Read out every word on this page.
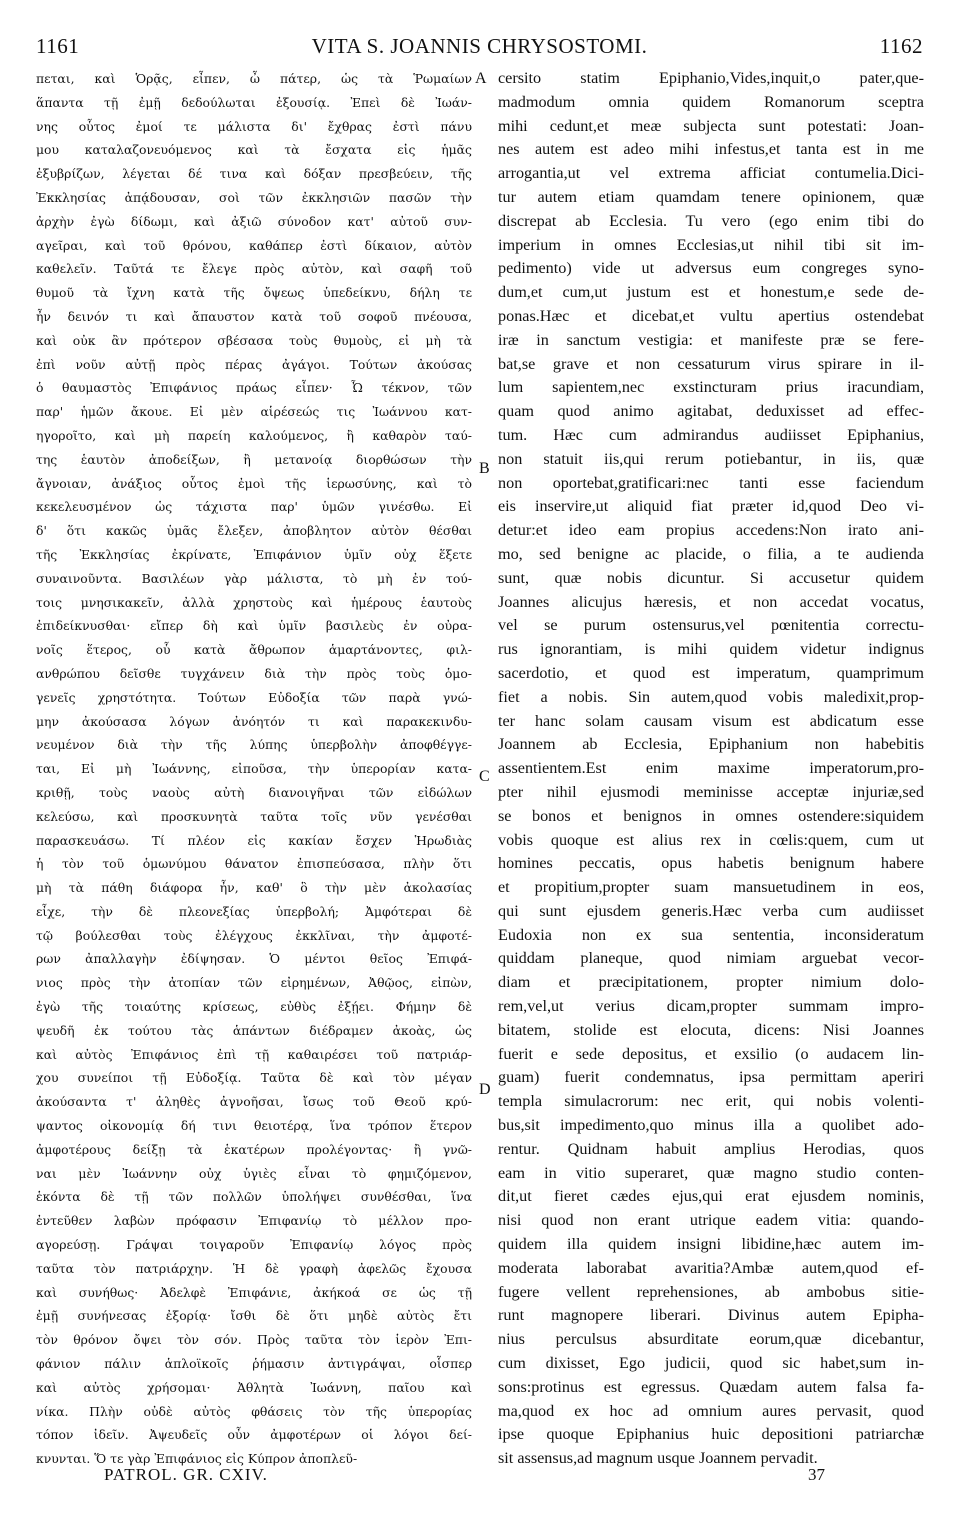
1161	VITA S. JOANNIS CHRYSOSTOMI.	1162
πεται, καὶ Ὁρᾷς, εἶπεν, ὦ πάτερ, ὡς τὰ Ῥωμαίων
ἅπαντα τῇ ἐμῇ δεδούλωται ἐξουσίᾳ. Ἐπεὶ δὲ Ἰωάν-
νης οὗτος ἐμοί τε μάλιστα δι' ἔχθρας ἐστὶ πάνυ
μου καταλαζονευόμενος καὶ τὰ ἔσχατα εἰς ἡμᾶς
ἐξυβρίζων, λέγεται δέ τινα καὶ δόξαν πρεσβεύειν, τῆς
Ἐκκλησίας ἀπᾴδουσαν, σοὶ τῶν ἐκκλησιῶν πασῶν τὴν
ἀρχὴν ἐγὼ δίδωμι, καὶ ἀξιῶ σύνοδον κατ' αὐτοῦ συν-
αγεῖραι, καὶ τοῦ θρόνου, καθάπερ ἐστὶ δίκαιον, αὐτὸν
καθελεῖν. Ταῦτά τε ἔλεγε πρὸς αὐτὸν, καὶ σαφῆ τοῦ
θυμοῦ τὰ ἴχνη κατὰ τῆς ὄψεως ὑπεδείκνυ, δήλη τε
ἦν δεινόν τι καὶ ἄπαυστον κατὰ τοῦ σοφοῦ πνέουσα,
καὶ οὐκ ἂν πρότερον σβέσασα τοὺς θυμοὺς, εἰ μὴ τὰ
ἐπὶ νοῦν αὐτῇ πρὸς πέρας ἀγάγοι. Τούτων ἀκούσας
ὁ θαυμαστὸς Ἐπιφάνιος πράως εἶπεν· Ὦ τέκνον, τῶν
παρ' ἡμῶν ἄκουε. Εἰ μὲν αἱρέσεώς τις Ἰωάννου κατ-
ηγοροῖτο, καὶ μὴ παρείη καλούμενος, ἢ καθαρὸν ταύ-
της ἑαυτὸν ἀποδείξων, ἢ μετανοίᾳ διορθώσων τὴν
ἄγνοιαν, ἀνάξιος οὗτος ἐμοὶ τῆς ἱερωσύνης, καὶ τὸ
κεκελευσμένον ὡς τάχιστα παρ' ὑμῶν γινέσθω. Εἰ
δ' ὅτι κακῶς ὑμᾶς ἔλεξεν, ἀποβλητον αὐτὸν θέσθαι
τῆς Ἐκκλησίας ἐκρίνατε, Ἐπιφάνιον ὑμῖν οὐχ ἕξετε
συναινοῦντα. Βασιλέων γὰρ μάλιστα, τὸ μὴ ἐν τού-
τοις μνησικακεῖν, ἀλλὰ χρηστοὺς καὶ ἡμέρους ἑαυτοὺς
ἐπιδείκνυσθαι· εἴπερ δὴ καὶ ὑμῖν βασιλεὺς ἐν οὐρα-
νοῖς ἕτερος, οὗ κατὰ ἄθρωπον ἁμαρτάνοντες, φιλ-
ανθρώπου δεῖσθε τυγχάνειν διὰ τὴν πρὸς τοὺς ὁμο-
γενεῖς χρηστότητα. Τούτων Εὐδοξία τῶν παρὰ γνώ-
μην ἀκούσασα λόγων ἀνόητόν τι καὶ παρακεκινδυ-
νευμένον διὰ τὴν τῆς λύπης ὑπερβολὴν ἀποφθέγγε-
ται, Εἰ μὴ Ἰωάννης, εἰποῦσα, τὴν ὑπερορίαν κατα-
κριθῇ, τοὺς ναοὺς αὐτὴ διανοιγῆναι τῶν εἰδώλων
κελεύσω, καὶ προσκυνητὰ ταῦτα τοῖς νῦν γενέσθαι
παρασκευάσω. Τί πλέον εἰς κακίαν ἔσχεν Ἡρωδιὰς
ἡ τὸν τοῦ ὁμωνύμου θάνατον ἐπισπεύσασα, πλὴν ὅτι
μὴ τὰ πάθη διάφορα ἦν, καθ' ὃ τὴν μὲν ἀκολασίας
εἶχε, τὴν δὲ πλεονεξίας ὑπερβολή; Ἀμφότεραι δὲ
τῷ βούλεσθαι τοὺς ἐλέγχους ἐκκλῖναι, τὴν ἀμφοτέ-
ρων ἀπαλλαγὴν ἐδίψησαν. Ὁ μέντοι θεῖος Ἐπιφά-
νιος πρὸς τὴν ἀτοπίαν τῶν εἰρημένων, Ἀθῷος, εἰπὼν,
ἐγὼ τῆς τοιαύτης κρίσεως, εὐθὺς ἐξῄει. Φήμην δὲ
ψευδῆ ἐκ τούτου τὰς ἁπάντων διέδραμεν ἀκοὰς, ὡς
καὶ αὐτὸς Ἐπιφάνιος ἐπὶ τῇ καθαιρέσει τοῦ πατριάρ-
χου συνείποι τῇ Εὐδοξίᾳ. Ταῦτα δὲ καὶ τὸν μέγαν
ἀκούσαντα τ' ἀληθὲς ἀγνοῆσαι, ἴσως τοῦ Θεοῦ κρύ-
ψαντος οἰκονομίᾳ δή τινι θειοτέρᾳ, ἵνα τρόπον ἕτερον
ἀμφοτέρους δείξῃ τὰ ἑκατέρων προλέγοντας· ἢ γνῶ-
ναι μὲν Ἰωάννην οὐχ ὑγιὲς εἶναι τὸ φημιζόμενον,
ἑκόντα δὲ τῇ τῶν πολλῶν ὑπολήψει συνθέσθαι, ἵνα
ἐντεῦθεν λαβὼν πρόφασιν Ἐπιφανίῳ τὸ μέλλον προ-
αγορεύσῃ. Γράψαι τοιγαροῦν Ἐπιφανίῳ λόγος πρὸς
ταῦτα τὸν πατριάρχην. Ἡ δὲ γραφὴ ἀφελῶς ἔχουσα
καὶ συνήθως· Ἀδελφὲ Ἐπιφάνιε, ἀκήκοά σε ὡς τῇ
ἐμῇ συνήνεσας ἐξορίᾳ· ἴσθι δὲ ὅτι μηδὲ αὐτὸς ἔτι
τὸν θρόνον ὄψει τὸν σόν. Πρὸς ταῦτα τὸν ἱερὸν Ἐπι-
φάνιον πάλιν ἁπλοϊκοῖς ῥήμασιν ἀντιγράψαι, οἷσπερ
καὶ αὐτὸς χρήσομαι· Ἀθλητὰ Ἰωάννη, παῖου καὶ
νίκα. Πλὴν οὐδὲ αὐτὸς φθάσεις τὸν τῆς ὑπερορίας
τόπον ἰδεῖν. Ἀψευδεῖς οὖν ἀμφοτέρων οἱ λόγοι δεί-
κνυνται. Ὅ τε γὰρ Ἐπιφάνιος εἰς Κύπρον ἀποπλεῦ-
cersito statim Epiphanio,Vides,inquit,o pater,que-
madmodum omnia quidem Romanorum sceptra
mihi cedunt,et meæ subjecta sunt potestati: Joan-
nes autem est adeo mihi infestus,et tanta est in me
arrogantia,ut vel extrema afficiat contumelia.Dici-
tur autem etiam quamdam tenere opinionem, quæ
discrepat ab Ecclesia. Tu vero (ego enim tibi do
imperium in omnes Ecclesias,ut nihil tibi sit im-
pedimento) vide ut adversus eum congreges syno-
dum,et cum,ut justum est et honestum,e sede de-
ponas.Hæc et dicebat,et vultu apertius ostendebat
iræ in sanctum vestigia: et manifeste præ se fere-
bat,se grave et non cessaturum virus spirare in il-
lum sapientem,nec exstincturam prius iracundiam,
quam quod animo agitabat, deduxisset ad effec-
tum. Hæc cum admirandus audiisset Epiphanius,
non statuit iis,qui rerum potiebantur, in iis, quæ
non oportebat,gratificari:nec tanti esse faciendum
eis inservire,ut aliquid fiat præter id,quod Deo vi-
detur:et ideo eam propius accedens:Non irato ani-
mo, sed benigne ac placide, o filia, a te audienda
sunt, quæ nobis dicuntur. Si accusetur quidem
Joannes alicujus hæresis, et non accedat vocatus,
vel se purum ostensurus,vel pœnitentia correctu-
rus ignorantiam, is mihi quidem videtur indignus
sacerdotio, et quod est imperatum, quamprimum
fiet a nobis. Sin autem,quod vobis maledixit,prop-
ter hanc solam causam visum est abdicatum esse
Joannem ab Ecclesia, Epiphanium non habebitis
assentientem.Est enim maxime imperatorum,pro-
pter nihil ejusmodi meminisse acceptæ injuriæ,sed
se bonos et benignos in omnes ostendere:siquidem
vobis quoque est alius rex in cœlis:quem, cum ut
homines peccatis, opus habetis benignum habere
et propitium,propter suam mansuetudinem in eos,
qui sunt ejusdem generis.Hæc verba cum audiisset
Eudoxia non ex sua sententia, inconsideratum
quiddam planeque, quod nimiam arguebat vecor-
diam et præcipitationem, propter nimium dolo-
rem,vel,ut verius dicam,propter summam impro-
bitatem, stolide est elocuta, dicens: Nisi Joannes
fuerit e sede depositus, et exsilio (o audacem lin-
guam) fuerit condemnatus, ipsa permittam aperiri
templa simulacrorum: nec erit, qui nobis volenti-
bus,sit impedimento,quo minus illa a quolibet ado-
rentur. Quidnam habuit amplius Herodias, quos
eam in vitio superaret, quæ magno studio conten-
dit,ut fieret cædes ejus,qui erat ejusdem nominis,
nisi quod non erant utrique eadem vitia: quando-
quidem illa quidem insigni libidine,hæc autem im-
moderata laborabat avaritia?Ambæ autem,quod ef-
fugere vellent reprehensiones, ab ambobus sitie-
runt magnopere liberari. Divinus autem Epipha-
nius perculsus absurditate eorum,quæ dicebantur,
cum dixisset, Ego judicii, quod sic habet,sum in-
sons:protinus est egressus. Quædam autem falsa fa-
ma,quod ex hoc ad omnium aures pervasit, quod
ipse quoque Epiphanius huic depositioni patriarchæ
sit assensus,ad magnum usque Joannem pervadit.
A
B
C
D
PATROL. GR. CXIV.	37
